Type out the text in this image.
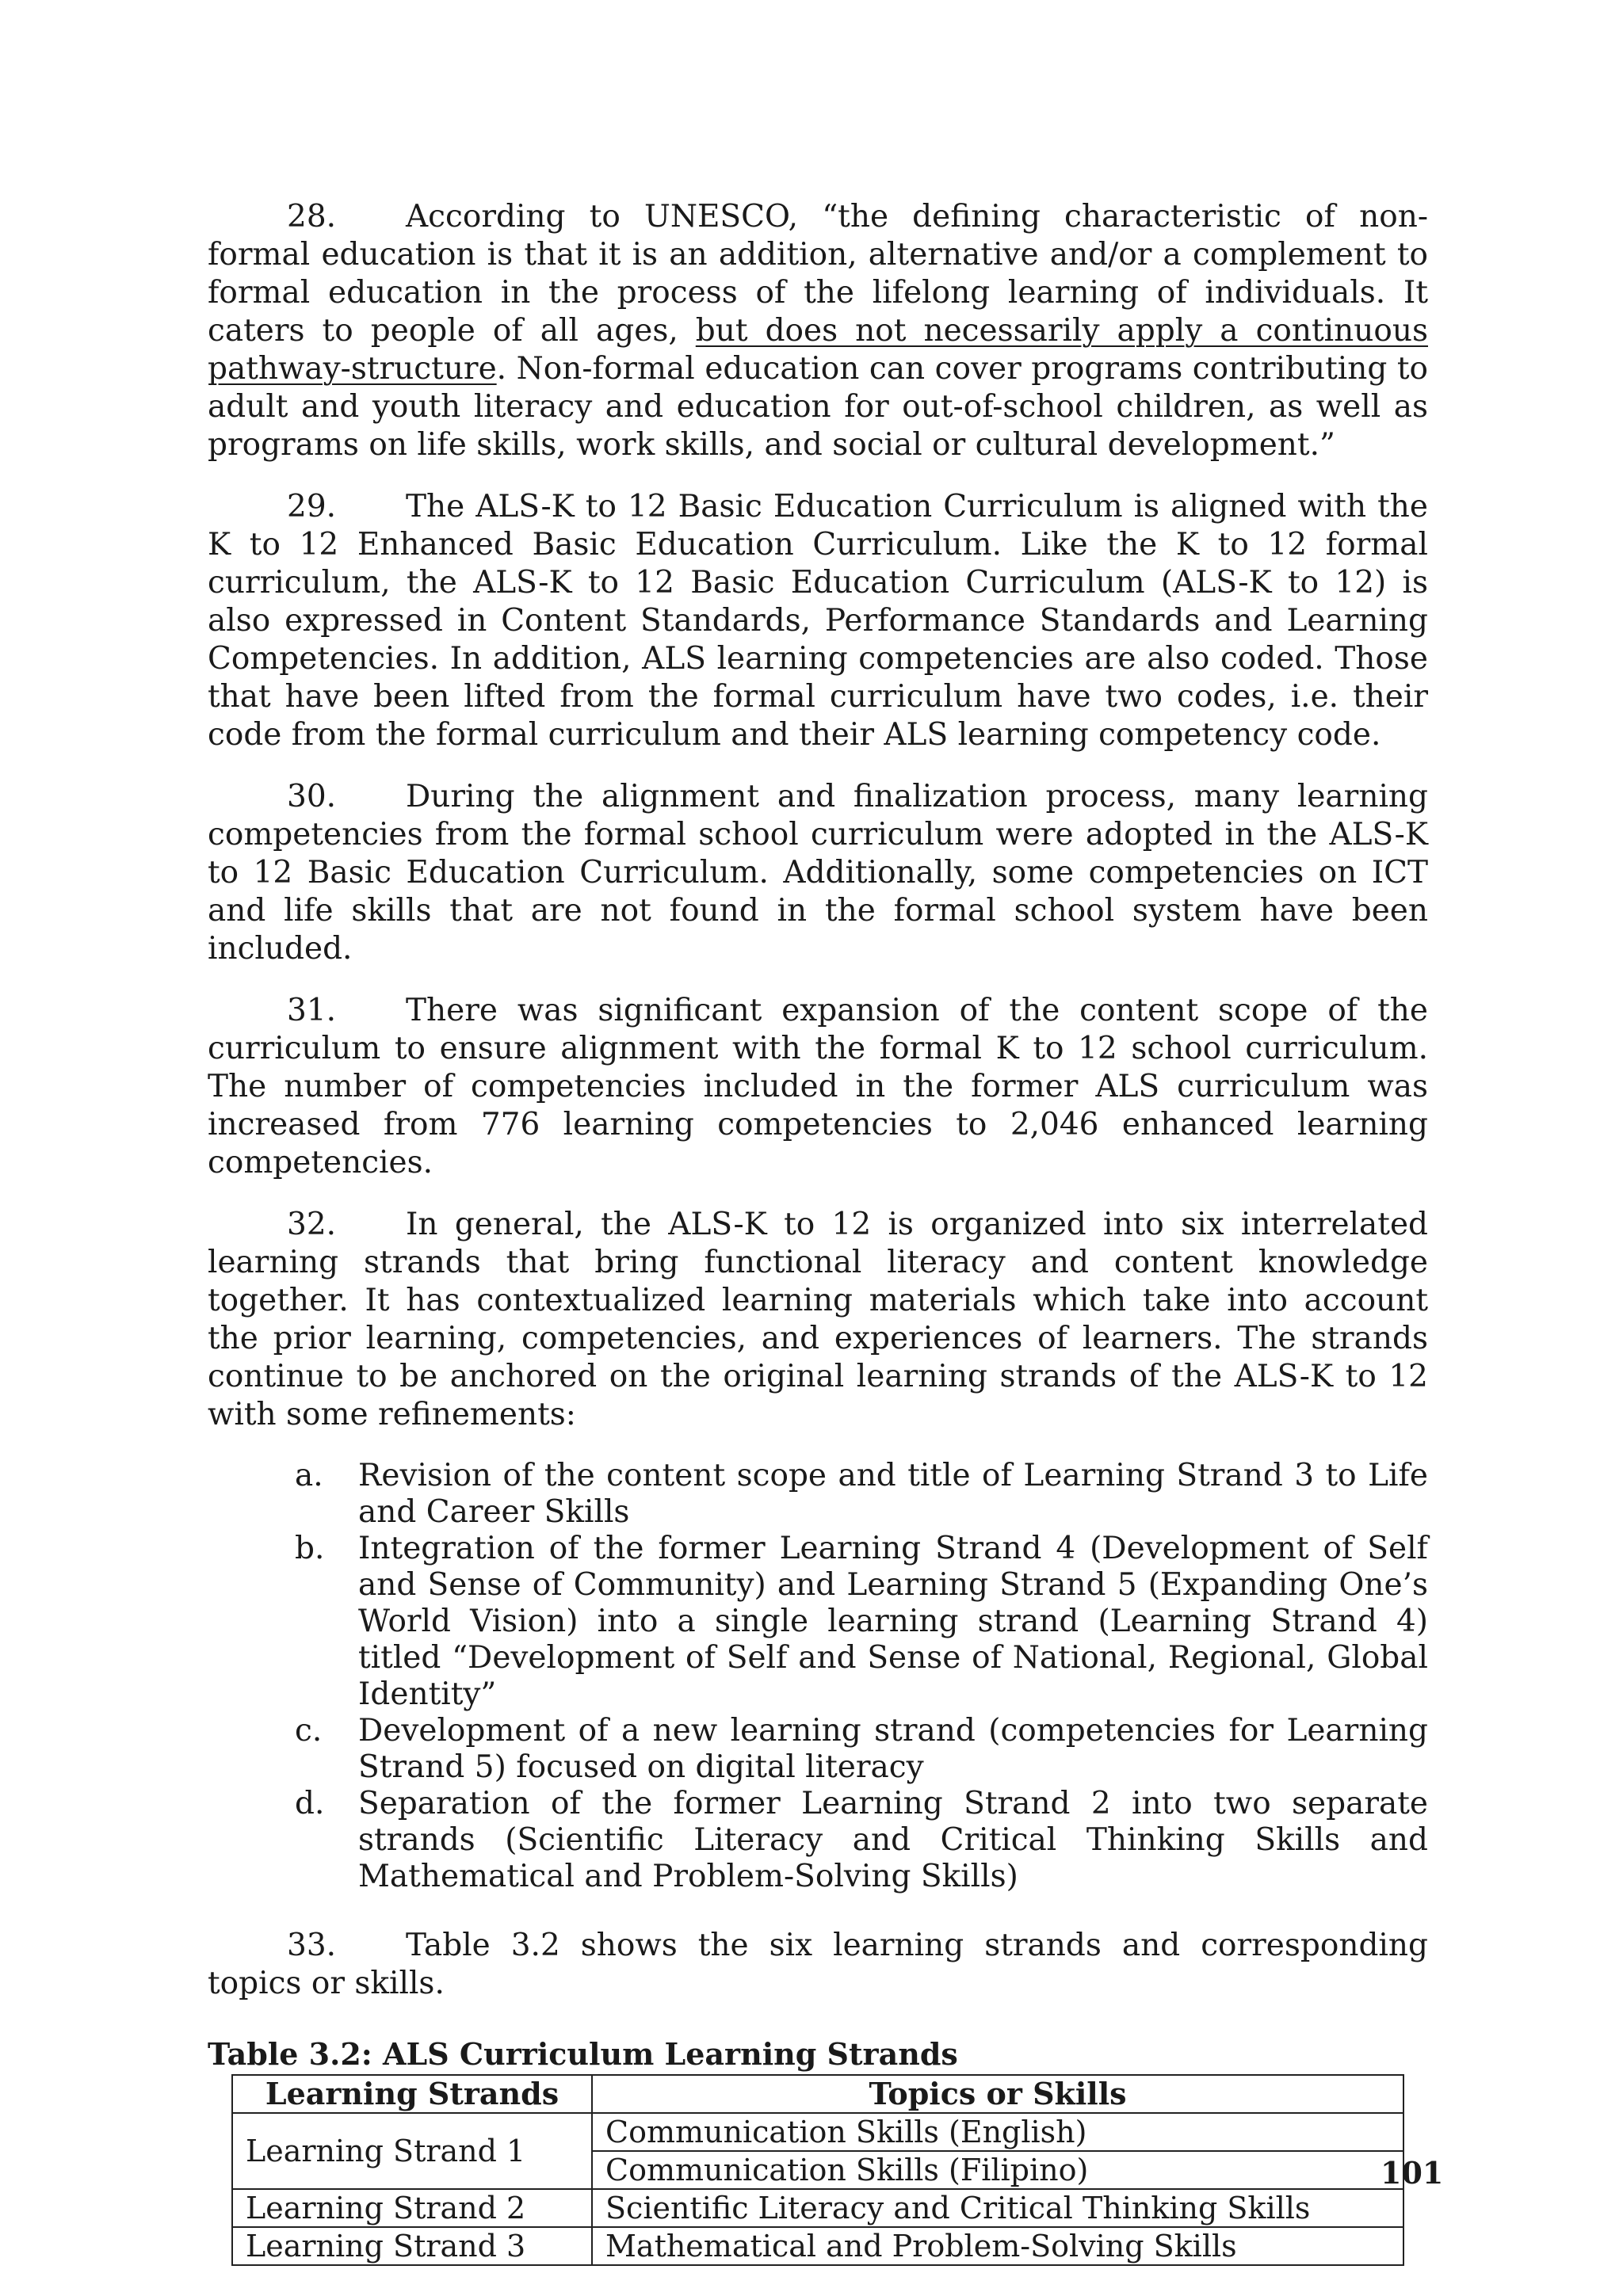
28. According to UNESCO, “the defining characteristic of non-formal education is that it is an addition, alternative and/or a complement to formal education in the process of the lifelong learning of individuals. It caters to people of all ages, but does not necessarily apply a continuous pathway-structure. Non-formal education can cover programs contributing to adult and youth literacy and education for out-of-school children, as well as programs on life skills, work skills, and social or cultural development.”

29. The ALS-K to 12 Basic Education Curriculum is aligned with the K to 12 Enhanced Basic Education Curriculum. Like the K to 12 formal curriculum, the ALS-K to 12 Basic Education Curriculum (ALS-K to 12) is also expressed in Content Standards, Performance Standards and Learning Competencies. In addition, ALS learning competencies are also coded. Those that have been lifted from the formal curriculum have two codes, i.e. their code from the formal curriculum and their ALS learning competency code.

30. During the alignment and finalization process, many learning competencies from the formal school curriculum were adopted in the ALS-K to 12 Basic Education Curriculum. Additionally, some competencies on ICT and life skills that are not found in the formal school system have been included.

31. There was significant expansion of the content scope of the curriculum to ensure alignment with the formal K to 12 school curriculum. The number of competencies included in the former ALS curriculum was increased from 776 learning competencies to 2,046 enhanced learning competencies.

32. In general, the ALS-K to 12 is organized into six interrelated learning strands that bring functional literacy and content knowledge together. It has contextualized learning materials which take into account the prior learning, competencies, and experiences of learners. The strands continue to be anchored on the original learning strands of the ALS-K to 12 with some refinements:

a. Revision of the content scope and title of Learning Strand 3 to Life and Career Skills
b. Integration of the former Learning Strand 4 (Development of Self and Sense of Community) and Learning Strand 5 (Expanding One’s World Vision) into a single learning strand (Learning Strand 4) titled “Development of Self and Sense of National, Regional, Global Identity”
c. Development of a new learning strand (competencies for Learning Strand 5) focused on digital literacy
d. Separation of the former Learning Strand 2 into two separate strands (Scientific Literacy and Critical Thinking Skills and Mathematical and Problem-Solving Skills)

33. Table 3.2 shows the six learning strands and corresponding topics or skills.

Table 3.2: ALS Curriculum Learning Strands
Learning Strands	Topics or Skills
Learning Strand 1	Communication Skills (English)
	Communication Skills (Filipino)
Learning Strand 2	Scientific Literacy and Critical Thinking Skills
Learning Strand 3	Mathematical and Problem-Solving Skills
101
